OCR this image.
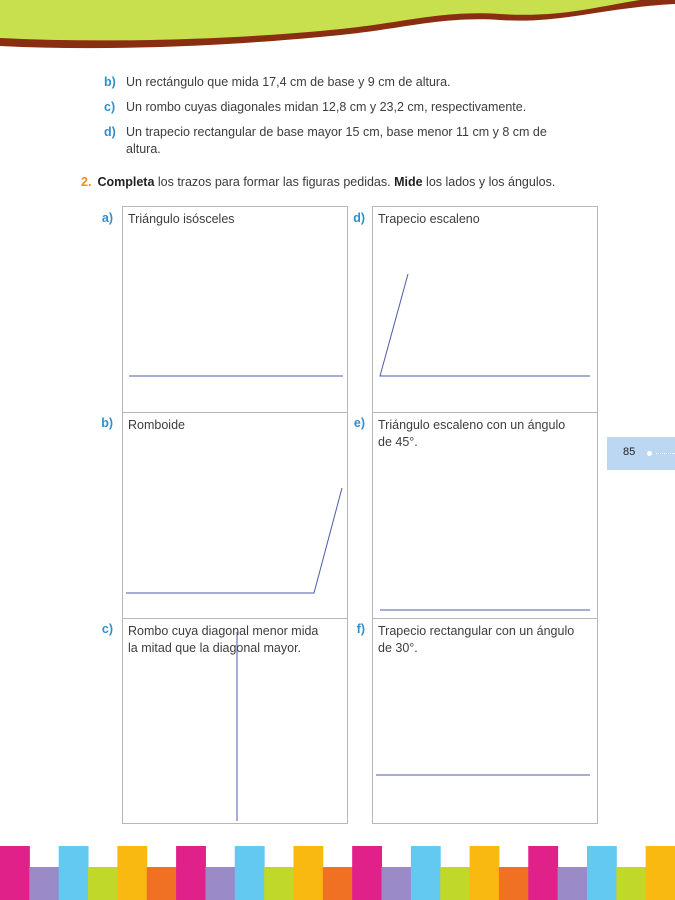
b) Un rectángulo que mida 17,4 cm de base y 9 cm de altura.
c) Un rombo cuyas diagonales midan 12,8 cm y 23,2 cm, respectivamente.
d) Un trapecio rectangular de base mayor 15 cm, base menor 11 cm y 8 cm de
altura.
2. Completa los trazos para formar las figuras pedidas. Mide los lados y los ángulos.
a)	d)
b)	e)
c)	f)
Triángulo isósceles	Trapecio escaleno
Romboide	Triángulo escaleno con un ángulo
de 45°.
Rombo cuya diagonal menor mida
la mitad que la diagonal mayor.
Trapecio rectangular con un ángulo
de 30°.
85
